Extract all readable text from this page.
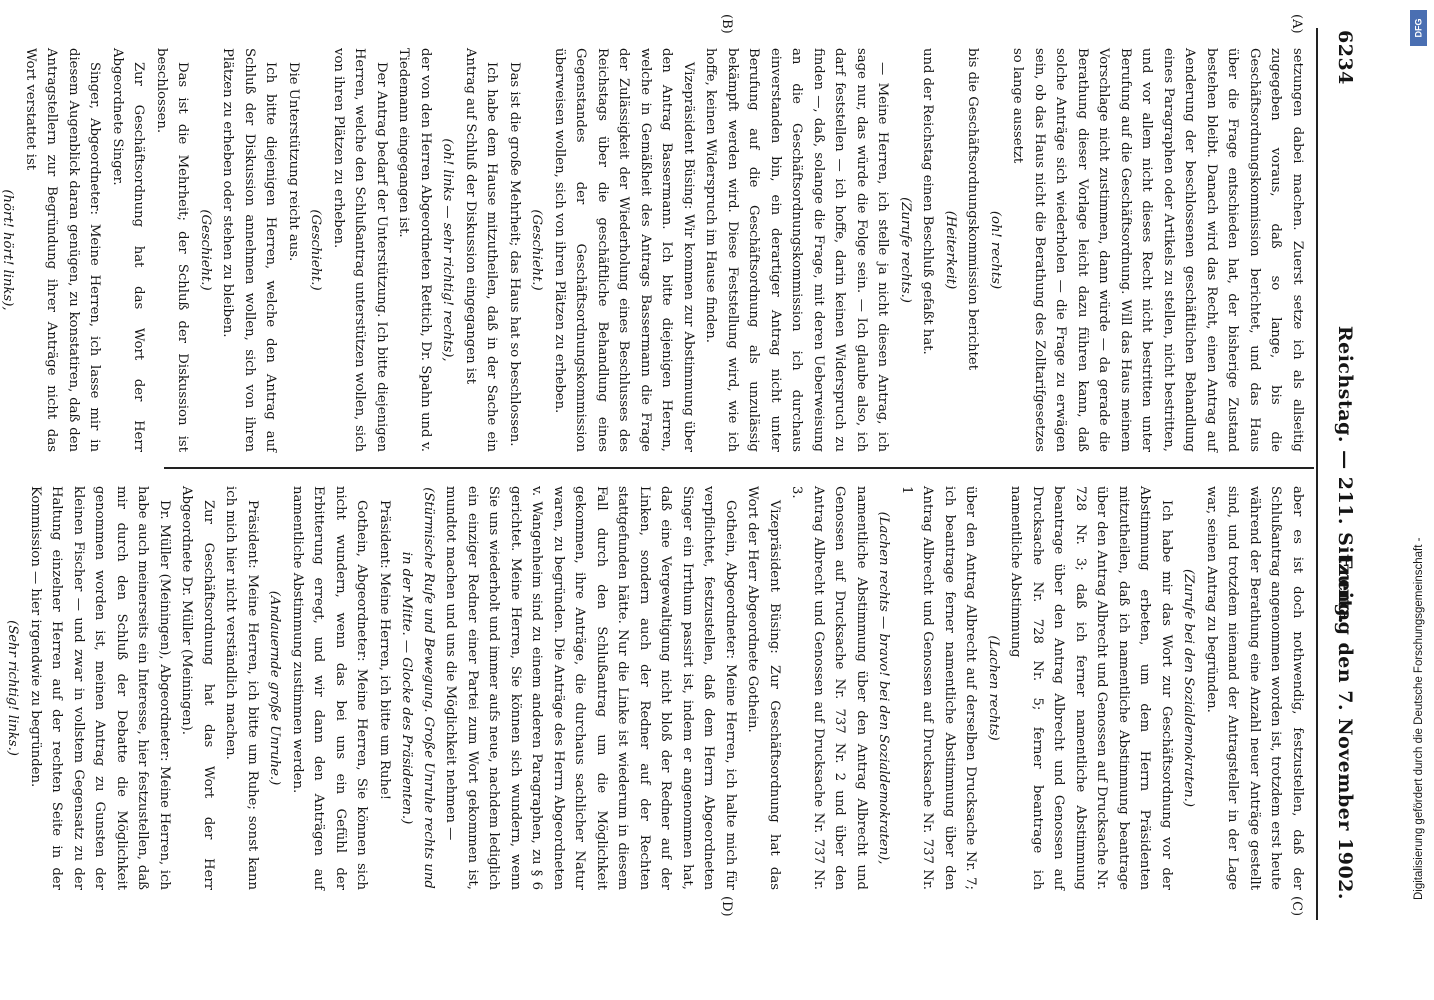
6234
Reichstag. — 211. Sitzung.
Freitag den 7. November 1902.
(A)
(B)
(C)
(D)

setzungen dabei machen. Zuerst setze ich als allseitig zugegeben voraus, daß so lange, bis die Geschäftsordnungskommission berichtet, und das Haus über die Frage entschieden hat, der bisherige Zustand bestehen bleibt. Danach wird das Recht, einen Antrag auf Aenderung der beschlossenen geschäftlichen Behandlung eines Paragraphen oder Artikels zu stellen, nicht bestritten, und vor allem nicht dieses Recht nicht bestritten unter Berufung auf die Geschäftsordnung. Will das Haus meinem Vorschlage nicht zustimmen, dann würde — da gerade die Berathung dieser Vorlage leicht dazu führen kann, daß solche Anträge sich wiederholen — die Frage zu erwägen sein, ob das Haus nicht die Berathung des Zolltarifgesetzes so lange aussetzt

(oh! rechts)

bis die Geschäftsordnungskommission berichtet

(Heiterkeit)

und der Reichstag einen Beschluß gefaßt hat.

(Zurufe rechts.)

— Meine Herren, ich stelle ja nicht diesen Antrag, ich sage nur, das würde die Folge sein. — Ich glaube also, ich darf feststellen — ich hoffe, darin keinen Widerspruch zu finden —, daß, solange die Frage, mit deren Ueberweisung an die Geschäftsordnungskommission ich durchaus einverstanden bin, ein derartiger Antrag nicht unter Berufung auf die Geschäftsordnung als unzulässig bekämpft werden wird. Diese Feststellung wird, wie ich hoffe, keinen Widerspruch im Hause finden.

Vizepräsident Büsing: Wir kommen zur Abstimmung über den Antrag Bassermann. Ich bitte diejenigen Herren, welche in Gemäßheit des Antrags Bassermann die Frage der Zulässigkeit der Wiederholung eines Beschlusses des Reichstags über die geschäftliche Behandlung eines Gegenstandes der Geschäftsordnungskommission überweisen wollen, sich von ihren Plätzen zu erheben.

(Geschieht.)

Das ist die große Mehrheit; das Haus hat so beschlossen.

Ich habe dem Hause mitzutheilen, daß in der Sache ein Antrag auf Schluß der Diskussion eingegangen ist

(oh! links — sehr richtig! rechts),

der von den Herren Abgeordneten Rettich, Dr. Spahn und v. Tiedemann eingegangen ist.

Der Antrag bedarf der Unterstützung. Ich bitte diejenigen Herren, welche den Schlußantrag unterstützen wollen, sich von ihren Plätzen zu erheben.

(Geschieht.)

Die Unterstützung reicht aus.

Ich bitte diejenigen Herren, welche den Antrag auf Schluß der Diskussion annehmen wollen, sich von ihren Plätzen zu erheben oder stehen zu bleiben.

(Geschieht.)

Das ist die Mehrheit; der Schluß der Diskussion ist beschlossen.

Zur Geschäftsordnung hat das Wort der Herr Abgeordnete Singer.

Singer, Abgeordneter: Meine Herren, ich lasse mir in diesem Augenblick daran genügen, zu konstatiren, daß den Antragstellern zur Begründung ihrer Anträge nicht das Wort verstattet ist

(hört! hört! links),

aber es ist doch nothwendig, festzustellen, daß der Schlußantrag angenommen worden ist, trotzdem erst heute während der Berathung eine Anzahl neuer Anträge gestellt sind, und trotzdem niemand der Antragsteller in der Lage war, seinen Antrag zu begründen.

(Zurufe bei den Sozialdemokraten.)

Ich habe mir das Wort zur Geschäftsordnung vor der Abstimmung erbeten, um dem Herrn Präsidenten mitzutheilen, daß ich namentliche Abstimmung beantrage über den Antrag Albrecht und Genossen auf Drucksache Nr. 728 Nr. 3; daß ich ferner namentliche Abstimmung beantrage über den Antrag Albrecht und Genossen auf Drucksache Nr. 728 Nr. 5; ferner beantrage ich namentliche Abstimmung

(Lachen rechts)

über den Antrag Albrecht auf derselben Drucksache Nr. 7; ich beantrage ferner namentliche Abstimmung über den Antrag Albrecht und Genossen auf Drucksache Nr. 737 Nr. 1

(Lachen rechts — bravo! bei den Sozialdemokraten),

namentliche Abstimmung über den Antrag Albrecht und Genossen auf Drucksache Nr. 737 Nr. 2 und über den Antrag Albrecht und Genossen auf Drucksache Nr. 737 Nr. 3.

Vizepräsident Büsing: Zur Geschäftsordnung hat das Wort der Herr Abgeordnete Gothein.

Gothein, Abgeordneter: Meine Herren, ich halte mich für verpflichtet, festzustellen, daß dem Herrn Abgeordneten Singer ein Irrthum passirt ist, indem er angenommen hat, daß eine Vergewaltigung nicht bloß der Redner auf der Linken, sondern auch der Redner auf der Rechten stattgefunden hätte. Nur die Linke ist wiederum in diesem Fall durch den Schlußantrag um die Möglichkeit gekommen, ihre Anträge, die durchaus sachlicher Natur waren, zu begründen. Die Anträge des Herrn Abgeordneten v. Wangenheim sind zu einem anderen Paragraphen, zu § 6 gerichtet. Meine Herren, Sie können sich wundern, wenn Sie uns wiederholt und immer aufs neue, nachdem lediglich ein einziger Redner einer Partei zum Wort gekommen ist, mundtot machen und uns die Möglichkeit nehmen —

(Stürmische Rufe und Bewegung. Große Unruhe rechts und in der Mitte. — Glocke des Präsidenten.)

Präsident: Meine Herren, ich bitte um Ruhe!

Gothein, Abgeordneter: Meine Herren, Sie können sich nicht wundern, wenn das bei uns ein Gefühl der Erbitterung erregt, und wir dann den Anträgen auf namentliche Abstimmung zustimmen werden.

(Andauernde große Unruhe.)

Präsident: Meine Herren, ich bitte um Ruhe; sonst kann ich mich hier nicht verständlich machen.

Zur Geschäftsordnung hat das Wort der Herr Abgeordnete Dr. Müller (Meiningen).

Dr. Müller (Meiningen), Abgeordneter: Meine Herren, ich habe auch meinerseits ein Interesse, hier festzustellen, daß mir durch den Schluß der Debatte die Möglichkeit genommen worden ist, meinen Antrag zu Gunsten der kleinen Fischer — und zwar in vollstem Gegensatz zu der Haltung einzelner Herren auf der rechten Seite in der Kommission — hier irgendwie zu begründen.

(Sehr richtig! links.)

DFG
Digitalisierung gefördert durch die Deutsche Forschungsgemeinschaft -
